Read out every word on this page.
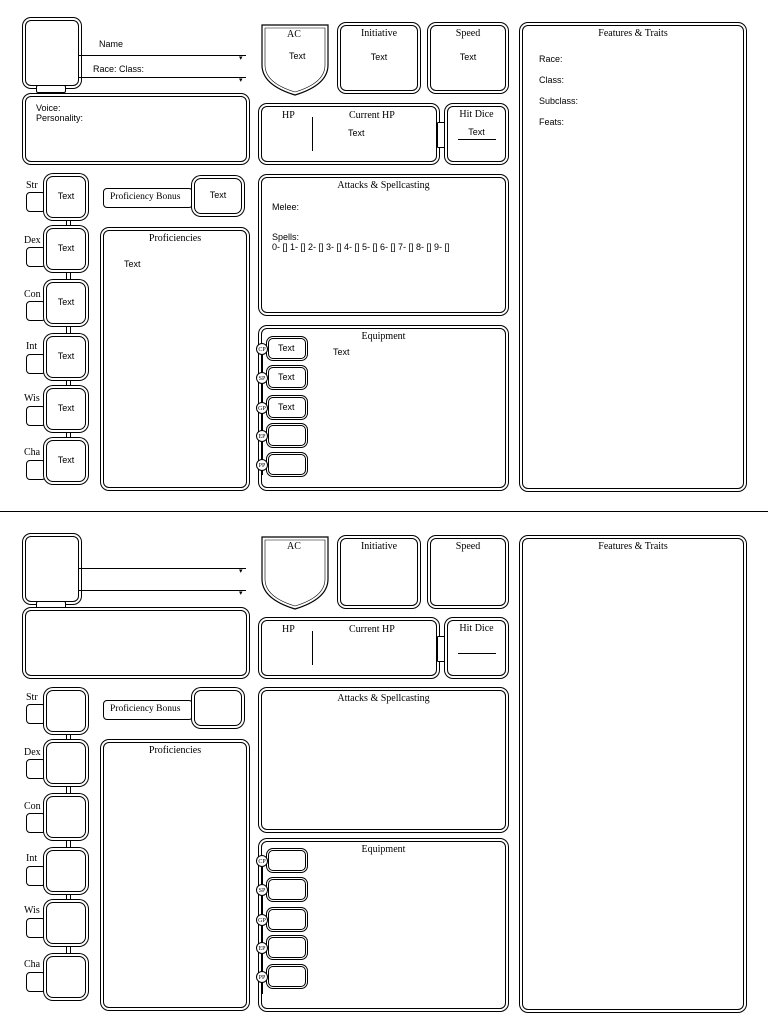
Name
▾
Race: Class:
▾
Voice:
Personality:
AC
Text
Initiative
Text
Speed
Text
HP	Current HP
Text
Hit Dice
Text
Features & Traits
Race:
Class:
Subclass:
Feats:
Str
Text
Dex
Text
Con
Text
Int
Text
Wis
Text
Cha
Text
Proficiency Bonus	Text
Proficiencies
Text
Attacks & Spellcasting
Melee:
Spells:
0- [] 1- [] 2- [] 3- [] 4- [] 5- [] 6- [] 7- [] 8- [] 9- []
Equipment
Text
Text
CP
Text
SP
Text
GP
EP
PP
▾
▾
AC	Initiative	Speed
HP	Current HP	Hit Dice
Features & Traits
Str
Dex
Con
Int
Wis
Cha
Proficiency Bonus
Proficiencies
Attacks & Spellcasting
Equipment
CP
SP
GP
EP
PP
